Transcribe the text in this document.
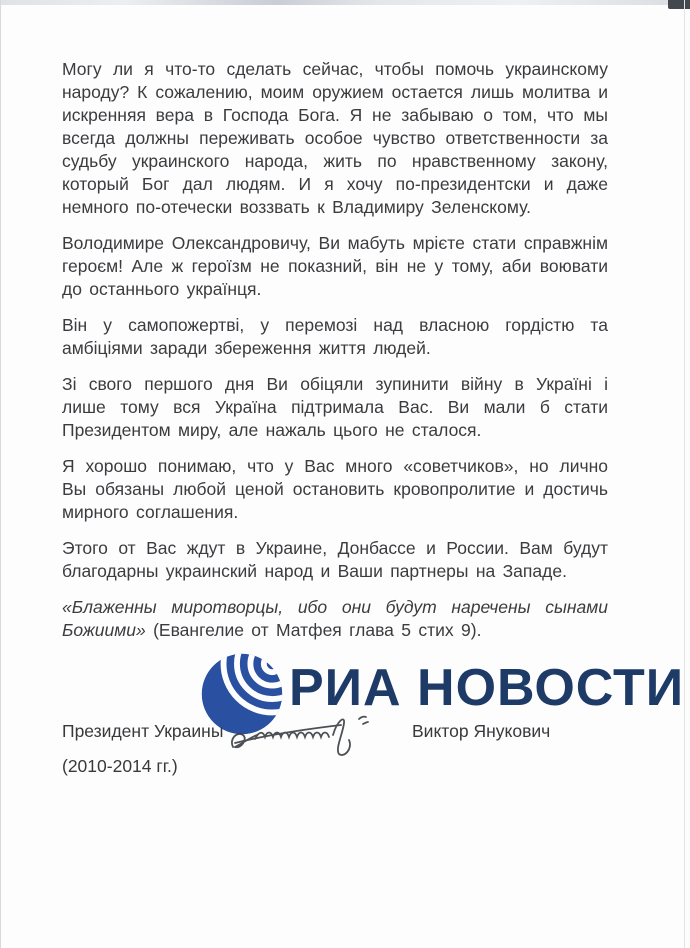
Могу ли я что-то сделать сейчас, чтобы помочь украинскому народу? К сожалению, моим оружием остается лишь молитва и искренняя вера в Господа Бога. Я не забываю о том, что мы всегда должны переживать особое чувство ответственности за судьбу украинского народа, жить по нравственному закону, который Бог дал людям. И я хочу по-президентски и даже немного по-отечески воззвать к Владимиру Зеленскому.

Володимире Олександровичу, Ви мабуть мрієте стати справжнім героєм! Але ж героїзм не показний, він не у тому, аби воювати до останнього українця.

Він у самопожертві, у перемозі над власною гордістю та амбіціями заради збереження життя людей.

Зі свого першого дня Ви обіцяли зупинити війну в Україні і лише тому вся Україна підтримала Вас. Ви мали б стати Президентом миру, але нажаль цього не сталося.

Я хорошо понимаю, что у Вас много «советчиков», но лично Вы обязаны любой ценой остановить кровопролитие и достичь мирного соглашения.

Этого от Вас ждут в Украине, Донбассе и России. Вам будут благодарны украинский народ и Ваши партнеры на Западе.

«Блаженны миротворцы, ибо они будут наречены сынами Божиими» (Евангелие от Матфея глава 5 стих 9).

РИА НОВОСТИ
Президент Украины	Виктор Янукович
(2010-2014 гг.)
